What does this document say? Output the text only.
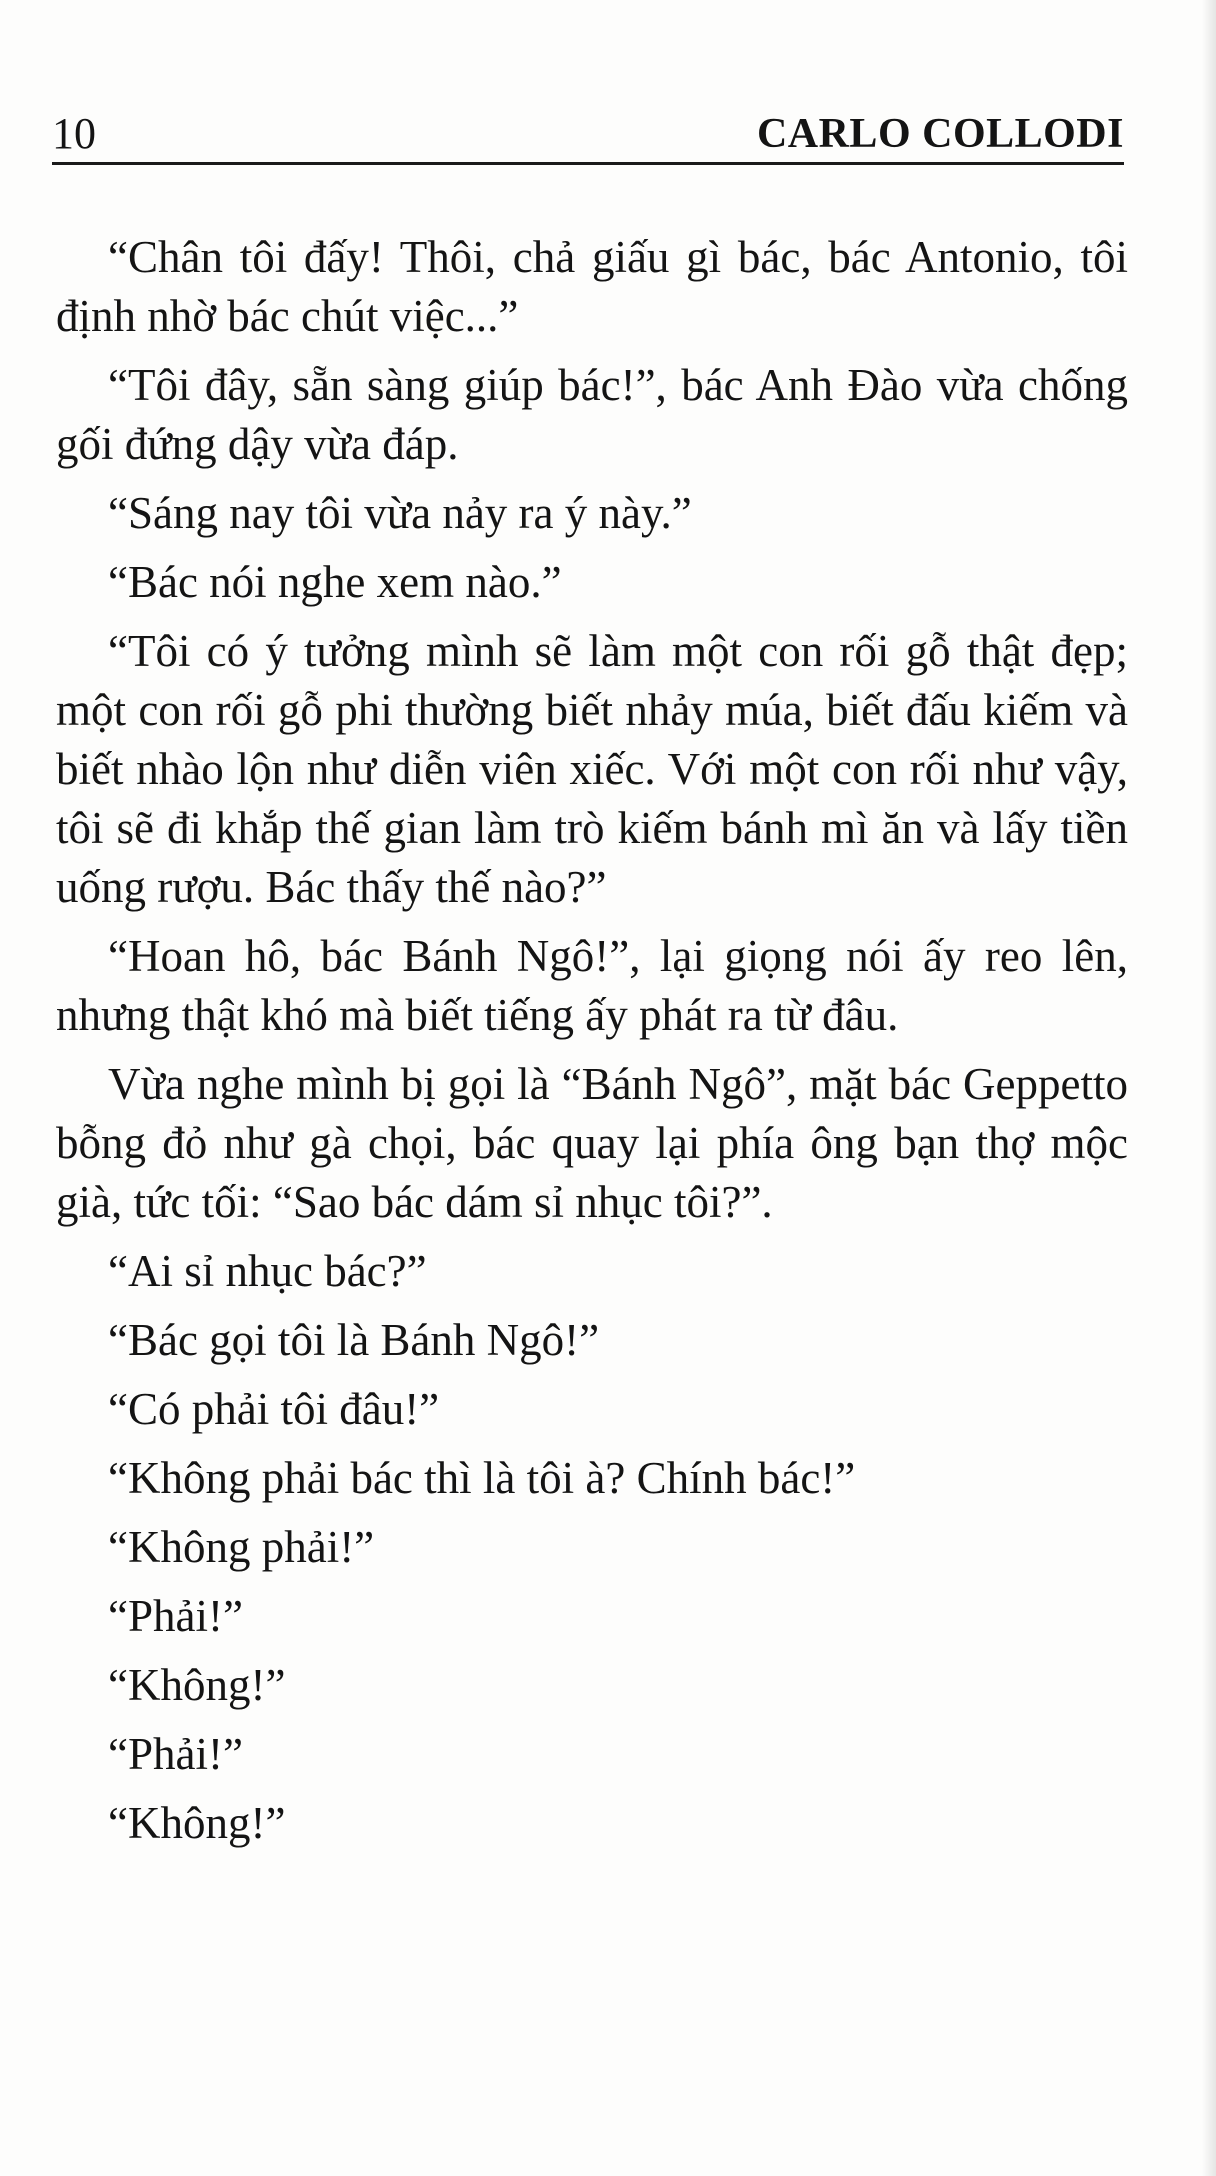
10	CARLO COLLODI

“Chân tôi đấy! Thôi, chả giấu gì bác, bác Antonio, tôi định nhờ bác chút việc...”

“Tôi đây, sẵn sàng giúp bác!”, bác Anh Đào vừa chống gối đứng dậy vừa đáp.

“Sáng nay tôi vừa nảy ra ý này.”

“Bác nói nghe xem nào.”

“Tôi có ý tưởng mình sẽ làm một con rối gỗ thật đẹp; một con rối gỗ phi thường biết nhảy múa, biết đấu kiếm và biết nhào lộn như diễn viên xiếc. Với một con rối như vậy, tôi sẽ đi khắp thế gian làm trò kiếm bánh mì ăn và lấy tiền uống rượu. Bác thấy thế nào?”

“Hoan hô, bác Bánh Ngô!”, lại giọng nói ấy reo lên, nhưng thật khó mà biết tiếng ấy phát ra từ đâu.

Vừa nghe mình bị gọi là “Bánh Ngô”, mặt bác Geppetto bỗng đỏ như gà chọi, bác quay lại phía ông bạn thợ mộc già, tức tối: “Sao bác dám sỉ nhục tôi?”.

“Ai sỉ nhục bác?”

“Bác gọi tôi là Bánh Ngô!”

“Có phải tôi đâu!”

“Không phải bác thì là tôi à? Chính bác!”

“Không phải!”

“Phải!”

“Không!”

“Phải!”

“Không!”
